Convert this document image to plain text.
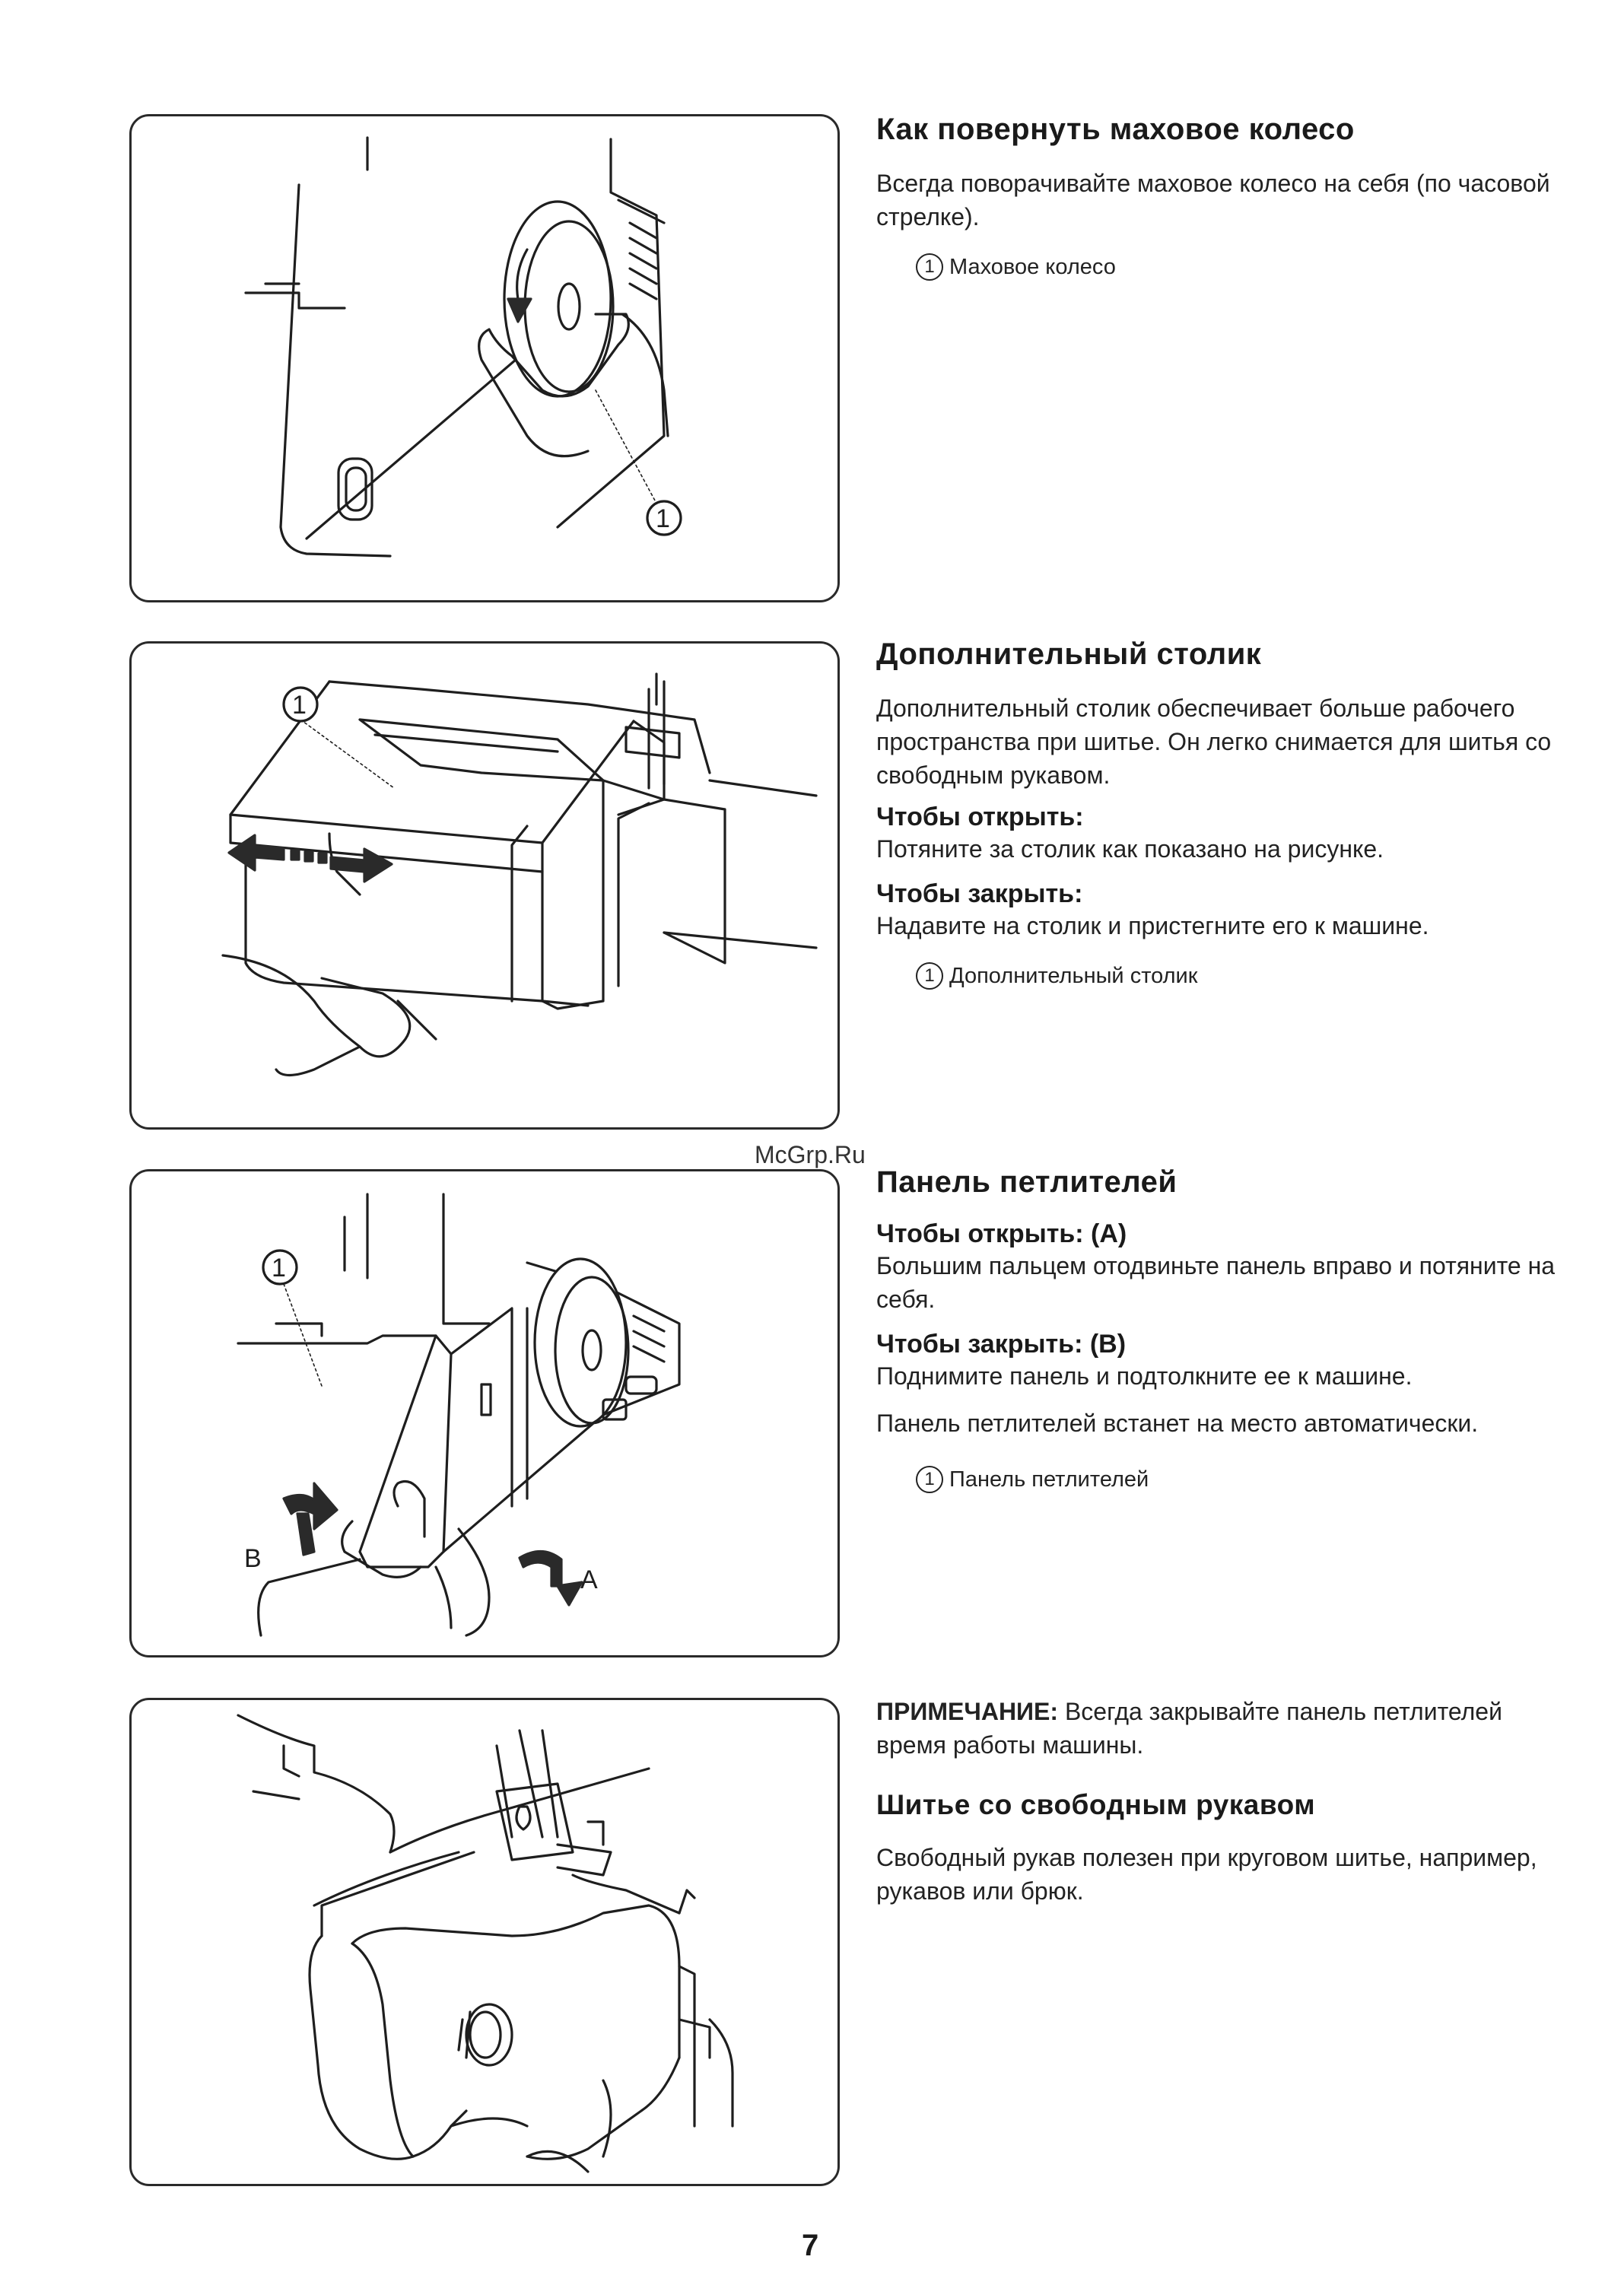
1
Как повернуть маховое колесо

Всегда поворачивайте маховое колесо на себя (по часовой стрелке).

1 Маховое колесо
1
Дополнительный столик

Дополнительный столик обеспечивает больше рабочего пространства при шитье. Он легко снимается для шитья со свободным рукавом.

Чтобы открыть:

Потяните за столик как показано на рисунке.

Чтобы закрыть:

Надавите на столик и пристегните его к машине.

1 Дополнительный столик
McGrp.Ru
B
A
1
Панель петлителей
Чтобы открыть: (A)

Большим пальцем отодвиньте панель вправо и потяните на себя.

Чтобы закрыть: (B)

Поднимите панель и подтолкните ее к машине.

Панель петлителей встанет на место автоматически.

1 Панель петлителей

ПРИМЕЧАНИЕ: Всегда закрывайте панель петлителей время работы машины.

Шитье со свободным рукавом

Свободный рукав полезен при круговом шитье, например, рукавов или брюк.

7
